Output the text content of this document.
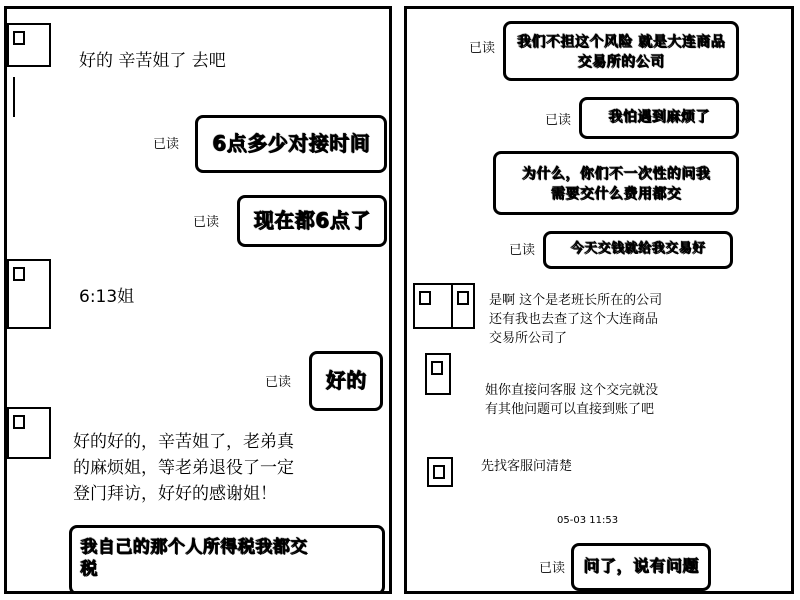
好的 辛苦姐了 去吧
已读	6点多少对接时间
已读	现在都6点了
6:13姐
已读	好的
好的好的，辛苦姐了，老弟真
的麻烦姐，等老弟退役了一定
登门拜访，好好的感谢姐！
我自己的那个人所得税我都交
税
已读	我们不担这个风险 就是大连商品
交易所的公司
已读	我怕遇到麻烦了
为什么，你们不一次性的问我
需要交什么费用都交
已读	今天交钱就给我交易好
是啊 这个是老班长所在的公司
还有我也去查了这个大连商品
交易所公司了
姐你直接问客服 这个交完就没
有其他问题可以直接到账了吧
先找客服问清楚
05-03 11:53
已读	问了，说有问题
